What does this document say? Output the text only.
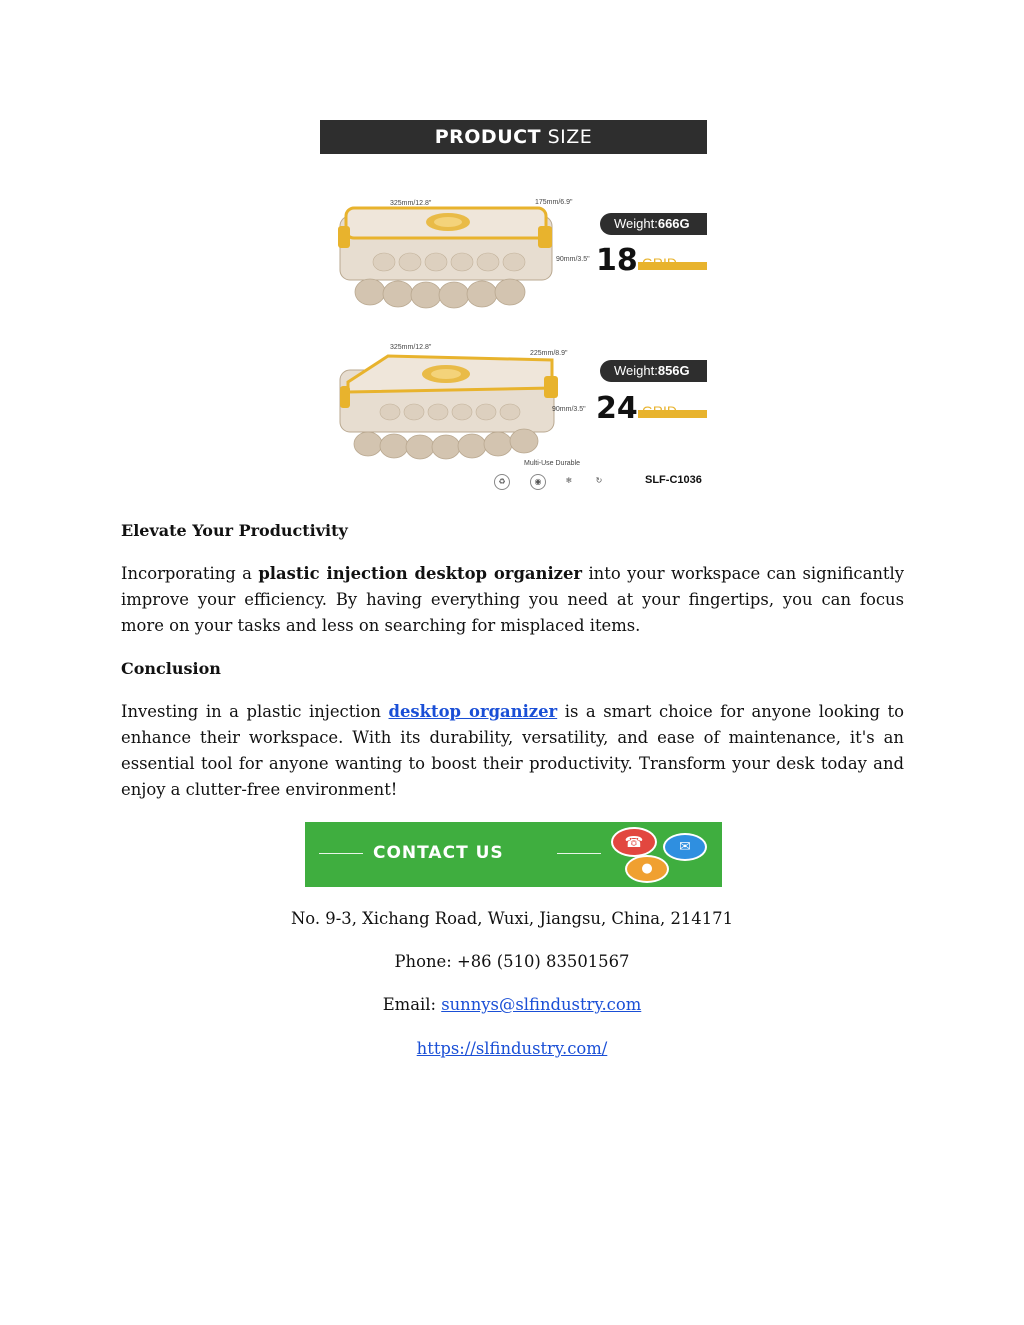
PRODUCT SIZE
325mm/12.8"	175mm/6.9"
90mm/3.5"
Weight:666G
18 GRID
325mm/12.8"
225mm/8.9"
90mm/3.5"
Weight:856G
24 GRID
Multi-Use Durable
♻	◉	❄	↻	SLF-C1036
Elevate Your Productivity

Incorporating a plastic injection desktop organizer into your workspace can significantly improve your efficiency. By having everything you need at your fingertips, you can focus more on your tasks and less on searching for misplaced items.

Conclusion

Investing in a plastic injection desktop organizer is a smart choice for anyone looking to enhance their workspace. With its durability, versatility, and ease of maintenance, it's an essential tool for anyone wanting to boost their productivity. Transform your desk today and enjoy a clutter-free environment!

CONTACT US
☎	✉
●
No. 9-3, Xichang Road, Wuxi, Jiangsu, China, 214171
Phone: +86 (510) 83501567
Email: sunnys@slfindustry.com
https://slfindustry.com/
